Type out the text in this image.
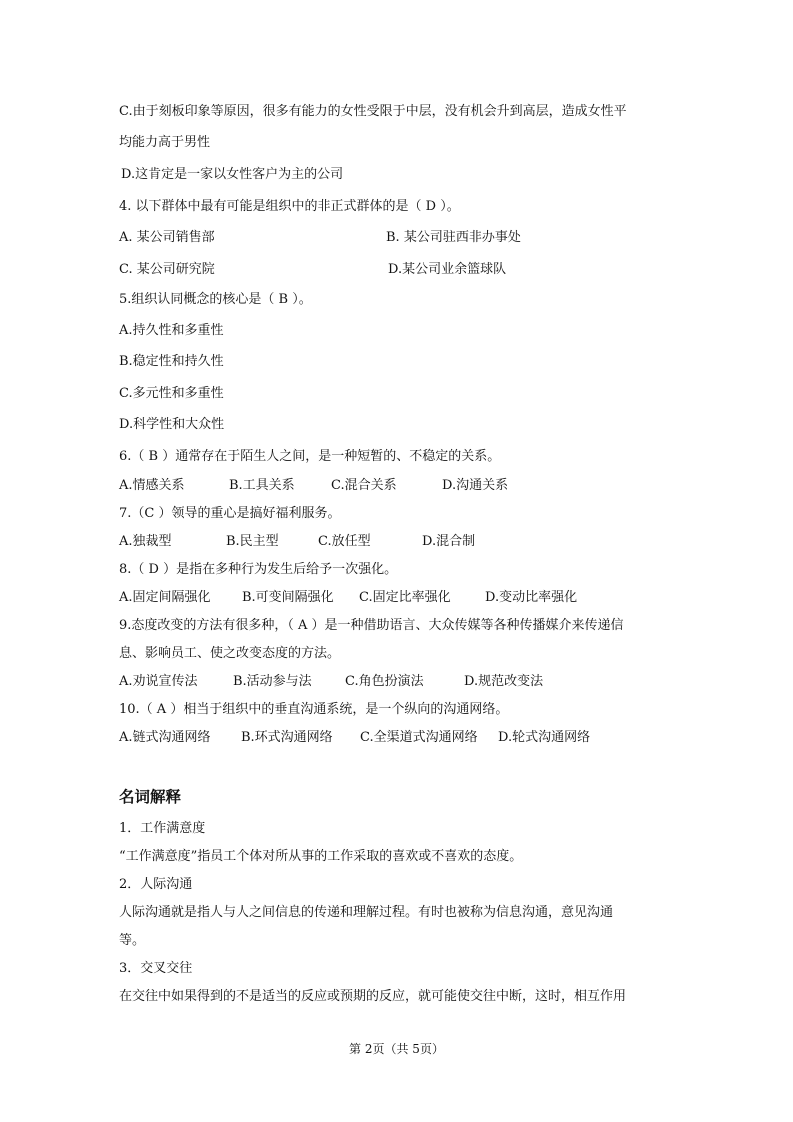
C.由于刻板印象等原因，很多有能力的女性受限于中层，没有机会升到高层，造成女性平
均能力高于男性
D.这肯定是一家以女性客户为主的公司
4. 以下群体中最有可能是组织中的非正式群体的是（ D ）。
A. 某公司销售部	B. 某公司驻西非办事处
C. 某公司研究院	D.某公司业余篮球队
5.组织认同概念的核心是（ B ）。
A.持久性和多重性
B.稳定性和持久性
C.多元性和多重性
D.科学性和大众性
6.（ B ）通常存在于陌生人之间，是一种短暂的、不稳定的关系。
A.情感关系	B.工具关系	C.混合关系	D.沟通关系
7.（C ）领导的重心是搞好福利服务。
A.独裁型	B.民主型	C.放任型	D.混合制
8.（ D ）是指在多种行为发生后给予一次强化。
A.固定间隔强化 B.可变间隔强化 C.固定比率强化	D.变动比率强化
9.态度改变的方法有很多种，（ A ）是一种借助语言、大众传媒等各种传播媒介来传递信
息、影响员工、使之改变态度的方法。
A.劝说宣传法	B.活动参与法	C.角色扮演法	D.规范改变法
10.（ A ）相当于组织中的垂直沟通系统，是一个纵向的沟通网络。
A.链式沟通网络 B.环式沟通网络 C.全渠道式沟通网络 D.轮式沟通网络
名词解释
1．工作满意度
“工作满意度”指员工个体对所从事的工作采取的喜欢或不喜欢的态度。
2．人际沟通
人际沟通就是指人与人之间信息的传递和理解过程。有时也被称为信息沟通，意见沟通
等。
3．交叉交往
在交往中如果得到的不是适当的反应或预期的反应，就可能使交往中断，这时，相互作用
第 2页（共 5页）
